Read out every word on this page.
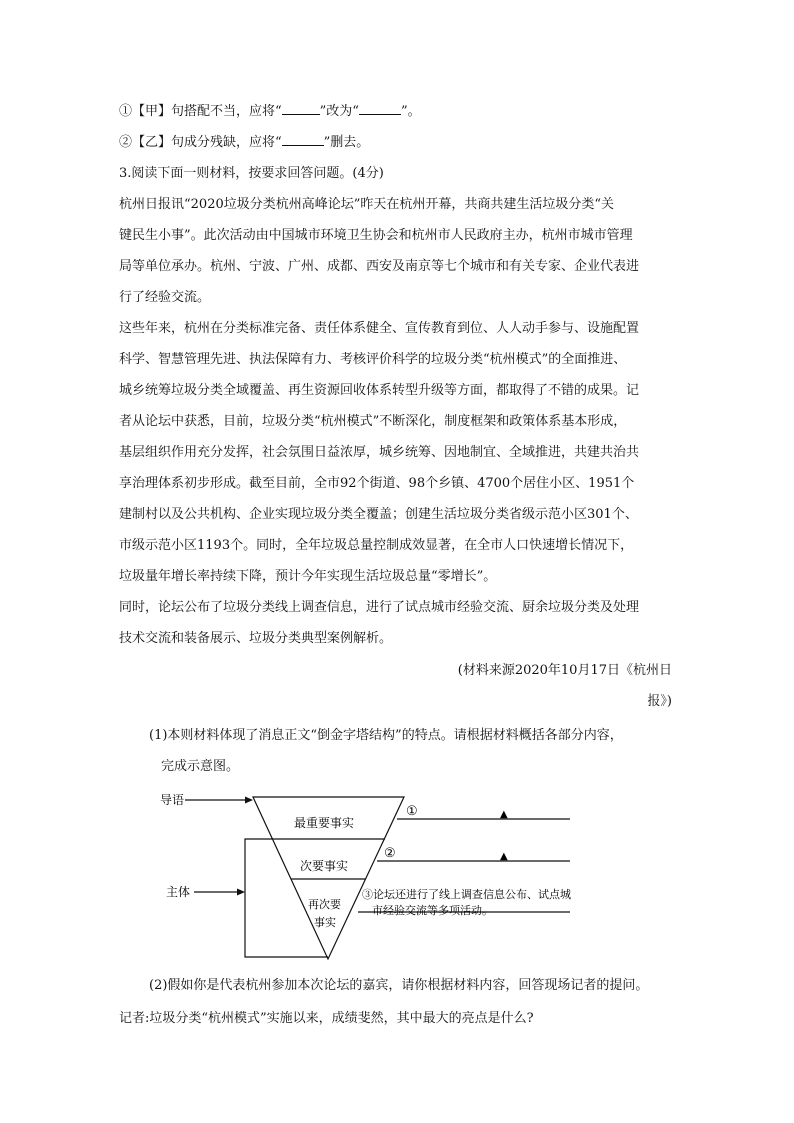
①【甲】句搭配不当，应将“	”改为“	”。
②【乙】句成分残缺，应将“	”删去。
3.阅读下面一则材料，按要求回答问题。(4分)
杭州日报讯“2020垃圾分类杭州高峰论坛”昨天在杭州开幕，共商共建生活垃圾分类“关
键民生小事”。此次活动由中国城市环境卫生协会和杭州市人民政府主办，杭州市城市管理
局等单位承办。杭州、宁波、广州、成都、西安及南京等七个城市和有关专家、企业代表进
行了经验交流。
这些年来，杭州在分类标准完备、责任体系健全、宣传教育到位、人人动手参与、设施配置
科学、智慧管理先进、执法保障有力、考核评价科学的垃圾分类“杭州模式”的全面推进、
城乡统筹垃圾分类全域覆盖、再生资源回收体系转型升级等方面，都取得了不错的成果。记
者从论坛中获悉，目前，垃圾分类“杭州模式”不断深化，制度框架和政策体系基本形成，
基层组织作用充分发挥，社会氛围日益浓厚，城乡统筹、因地制宜、全域推进，共建共治共
享治理体系初步形成。截至目前，全市92个街道、98个乡镇、4700个居住小区、1951个
建制村以及公共机构、企业实现垃圾分类全覆盖；创建生活垃圾分类省级示范小区301个、
市级示范小区1193个。同时，全年垃圾总量控制成效显著，在全市人口快速增长情况下，
垃圾量年增长率持续下降，预计今年实现生活垃圾总量“零增长”。
同时，论坛公布了垃圾分类线上调查信息，进行了试点城市经验交流、厨余垃圾分类及处理
技术交流和装备展示、垃圾分类典型案例解析。
(材料来源2020年10月17日《杭州日
报》)
(1)本则材料体现了消息正文“倒金字塔结构”的特点。请根据材料概括各部分内容，
完成示意图。
导语
主体
最重要事实
次要事实
再次要
事实
①
②
▲
▲
③论坛还进行了线上调查信息公布、试点城
市经验交流等多项活动。
(2)假如你是代表杭州参加本次论坛的嘉宾，请你根据材料内容，回答现场记者的提问。
记者:垃圾分类“杭州模式”实施以来，成绩斐然，其中最大的亮点是什么?
